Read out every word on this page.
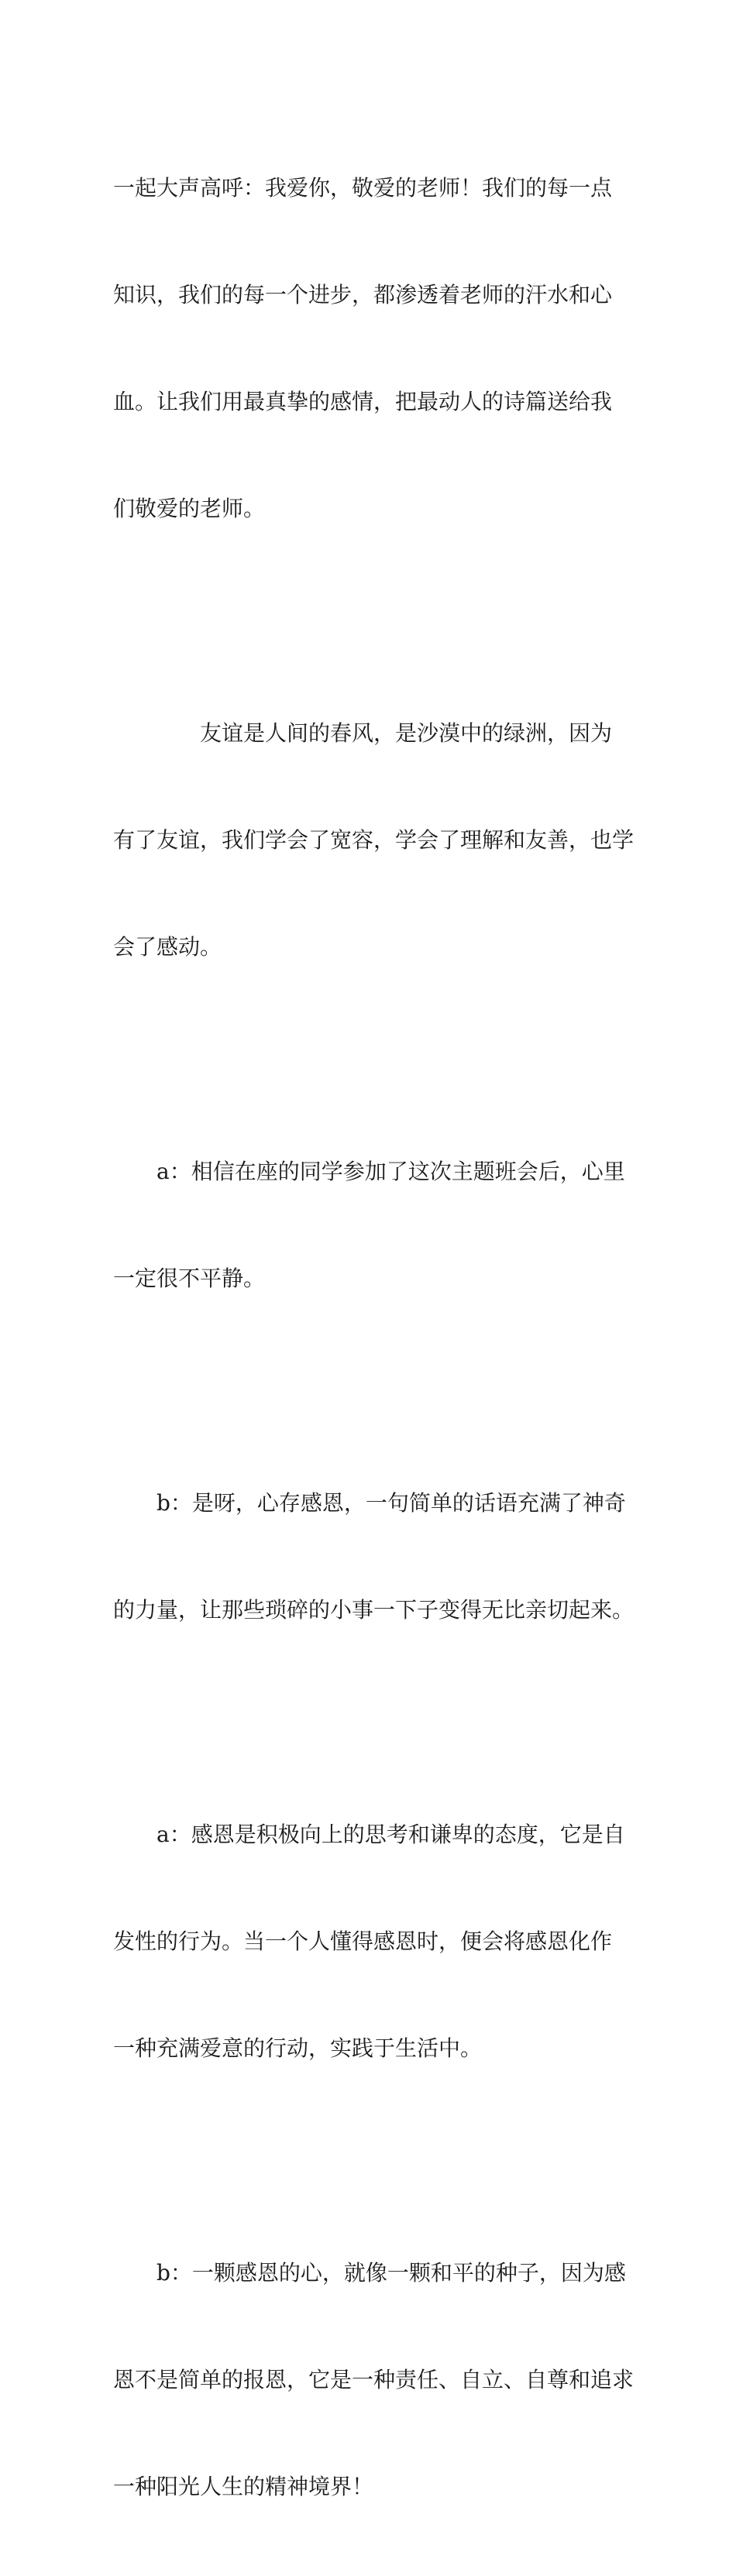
一起大声高呼：我爱你，敬爱的老师！我们的每一点

知识，我们的每一个进步，都渗透着老师的汗水和心

血。让我们用最真挚的感情，把最动人的诗篇送给我

们敬爱的老师。

友谊是人间的春风，是沙漠中的绿洲，因为

有了友谊，我们学会了宽容，学会了理解和友善，也学

会了感动。

a：相信在座的同学参加了这次主题班会后，心里

一定很不平静。

b：是呀，心存感恩，一句简单的话语充满了神奇

的力量，让那些琐碎的小事一下子变得无比亲切起来。

a：感恩是积极向上的思考和谦卑的态度，它是自

发性的行为。当一个人懂得感恩时，便会将感恩化作

一种充满爱意的行动，实践于生活中。

b：一颗感恩的心，就像一颗和平的种子，因为感

恩不是简单的报恩，它是一种责任、自立、自尊和追求

一种阳光人生的精神境界！
